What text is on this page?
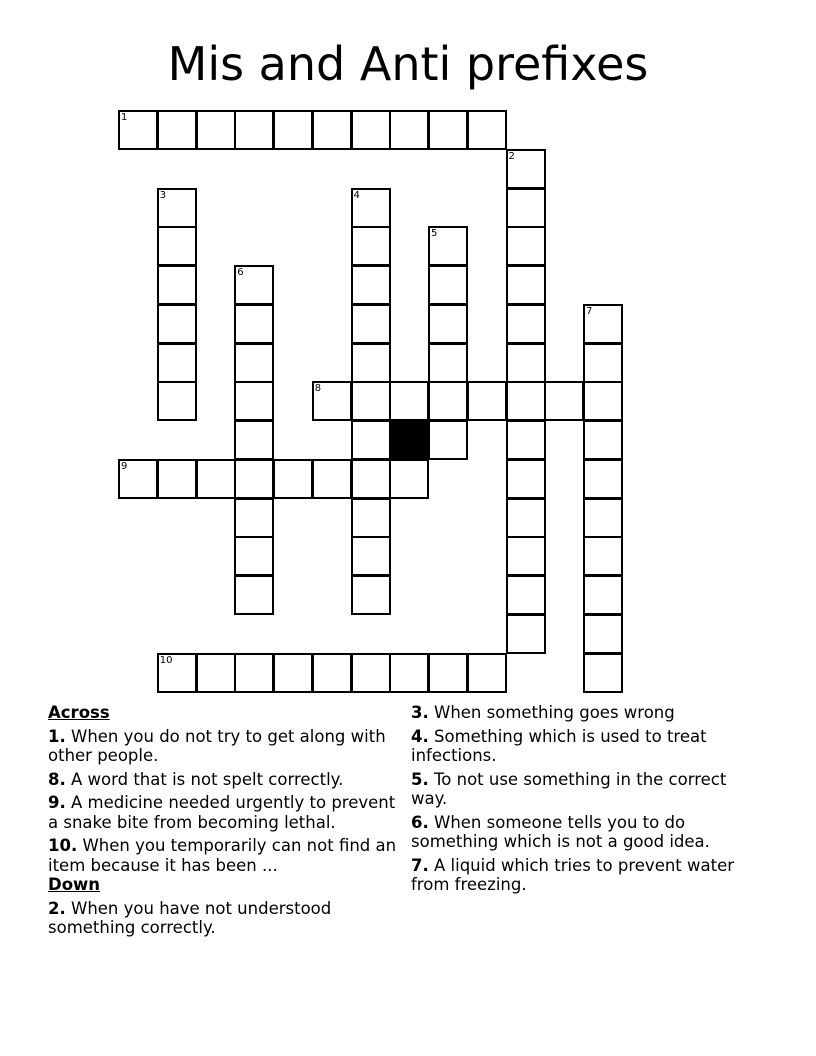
Mis and Anti prefixes
1
2
3	4
5
6
7
8
9
10
Across
1. When you do not try to get along with other people.
8. A word that is not spelt correctly.
9. A medicine needed urgently to prevent a snake bite from becoming lethal.
10. When you temporarily can not find an item because it has been ...
Down
2. When you have not understood something correctly.
3. When something goes wrong
4. Something which is used to treat infections.
5. To not use something in the correct way.
6. When someone tells you to do something which is not a good idea.
7. A liquid which tries to prevent water from freezing.
